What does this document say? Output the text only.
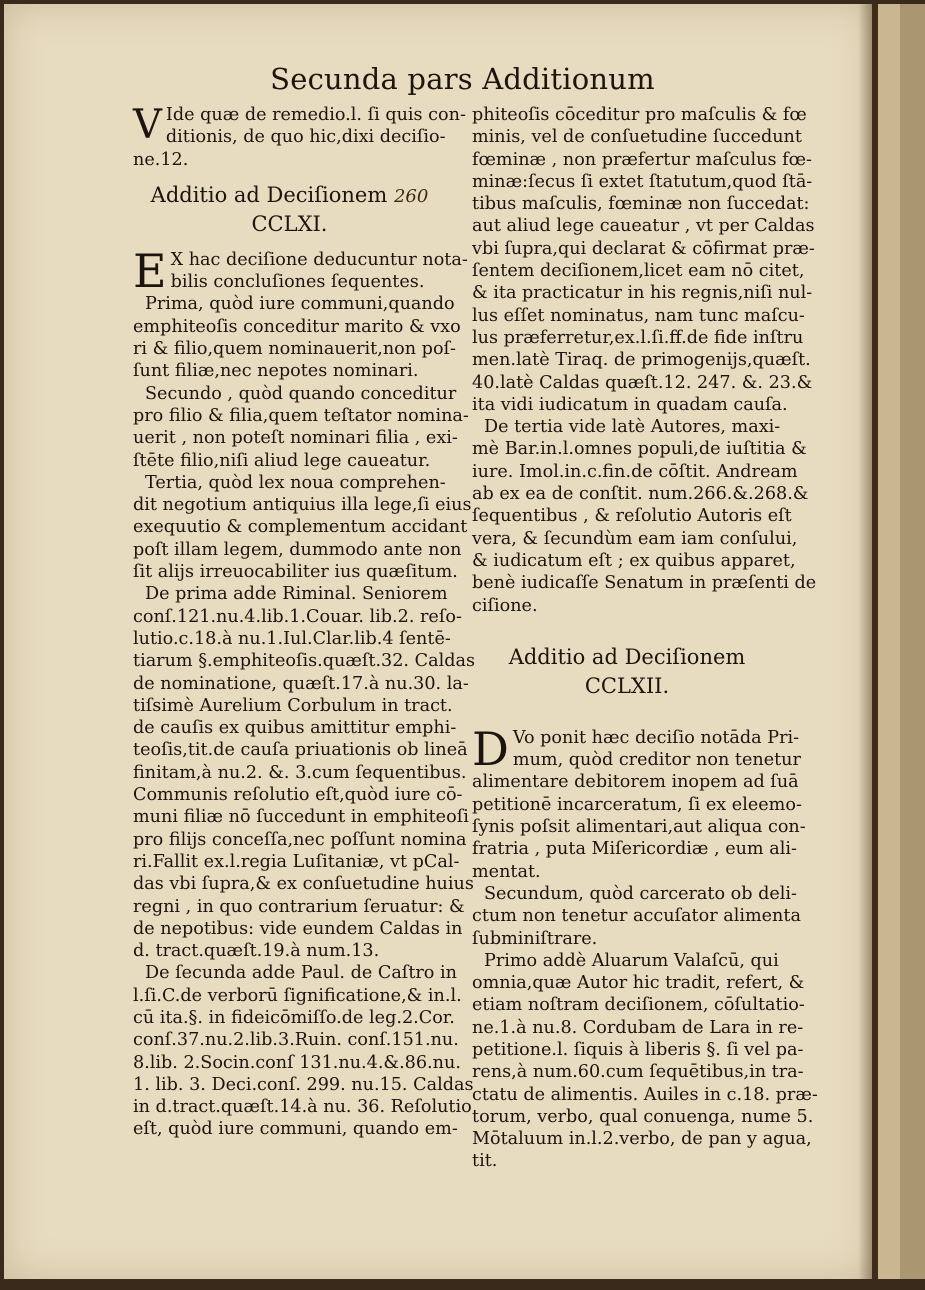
Secunda pars Additionum
V Ide quæ de remedio.l. ſi quis con-
ditionis, de quo hic,dixi deciſio-
ne.12.
Additio ad Deciſionem 260
CCLXI.
E X hac deciſione deducuntur nota-
bilis concluſiones ſequentes.
Prima, quòd iure communi,quando
emphiteoſis conceditur marito & vxo
ri & filio,quem nominauerit,non poſ-
ſunt filiæ,nec nepotes nominari.
Secundo , quòd quando conceditur
pro filio & filia,quem teſtator nomina-
uerit , non poteſt nominari filia , exi-
ſtēte filio,niſi aliud lege caueatur.
Tertia, quòd lex noua comprehen-
dit negotium antiquius illa lege,ſi eius
exequutio & complementum accidant
poſt illam legem, dummodo ante non
ſit alijs irreuocabiliter ius quæſitum.
De prima adde Riminal. Seniorem
conſ.121.nu.4.lib.1.Couar. lib.2. reſo-
lutio.c.18.à nu.1.Iul.Clar.lib.4 ſentē-
tiarum §.emphiteoſis.quæſt.32. Caldas
de nominatione, quæſt.17.à nu.30. la-
tiſsimè Aurelium Corbulum in tract.
de cauſis ex quibus amittitur emphi-
teoſis,tit.de cauſa priuationis ob lineā
finitam,à nu.2. &. 3.cum ſequentibus.
Communis reſolutio eſt,quòd iure cō-
muni filiæ nō ſuccedunt in emphiteoſi
pro filijs conceſſa,nec poſſunt nomina
ri.Fallit ex.l.regia Luſitaniæ, vt pCal-
das vbi ſupra,& ex conſuetudine huius
regni , in quo contrarium ſeruatur: &
de nepotibus: vide eundem Caldas in
d. tract.quæſt.19.à num.13.
De ſecunda adde Paul. de Caſtro in
l.ſi.C.de verborū ſignificatione,& in.l.
cū ita.§. in fideicōmiſſo.de leg.2.Cor.
conſ.37.nu.2.lib.3.Ruin. conſ.151.nu.
8.lib. 2.Socin.conſ 131.nu.4.&.86.nu.
1. lib. 3. Deci.conſ. 299. nu.15. Caldas
in d.tract.quæſt.14.à nu. 36. Reſolutio
eſt, quòd iure communi, quando em-
phiteoſis cōceditur pro maſculis & fœ
minis, vel de conſuetudine ſuccedunt
fœminæ , non præfertur maſculus fœ-
minæ:ſecus ſi extet ſtatutum,quod ſtā-
tibus maſculis, fœminæ non ſuccedat:
aut aliud lege caueatur , vt per Caldas
vbi ſupra,qui declarat & cōfirmat præ-
ſentem deciſionem,licet eam nō citet,
& ita practicatur in his regnis,niſi nul-
lus eſſet nominatus, nam tunc maſcu-
lus præferretur,ex.l.ſi.ff.de fide inſtru
men.latè Tiraq. de primogenijs,quæſt.
40.latè Caldas quæſt.12. 247. &. 23.&
ita vidi iudicatum in quadam cauſa.
De tertia vide latè Autores, maxi-
mè Bar.in.l.omnes populi,de iuſtitia &
iure. Imol.in.c.fin.de cōſtit. Andream
ab ex ea de conſtit. num.266.&.268.&
ſequentibus , & reſolutio Autoris eſt
vera, & ſecundùm eam iam conſului,
& iudicatum eſt ; ex quibus apparet,
benè iudicaſſe Senatum in præſenti de
ciſione.
Additio ad Deciſionem
CCLXII.
D Vo ponit hæc deciſio notāda Pri-
mum, quòd creditor non tenetur
alimentare debitorem inopem ad ſuā
petitionē incarceratum, ſi ex eleemo-
ſynis poſsit alimentari,aut aliqua con-
fratria , puta Miſericordiæ , eum ali-
mentat.
Secundum, quòd carcerato ob deli-
ctum non tenetur accuſator alimenta
ſubminiſtrare.
Primo addè Aluarum Valaſcū, qui
omnia,quæ Autor hic tradit, refert, &
etiam noſtram deciſionem, cōſultatio-
ne.1.à nu.8. Cordubam de Lara in re-
petitione.l. ſiquis à liberis §. ſi vel pa-
rens,à num.60.cum ſequētibus,in tra-
ctatu de alimentis. Auiles in c.18. præ-
torum, verbo, qual conuenga, nume 5.
Mōtaluum in.l.2.verbo, de pan y agua,
tit.
